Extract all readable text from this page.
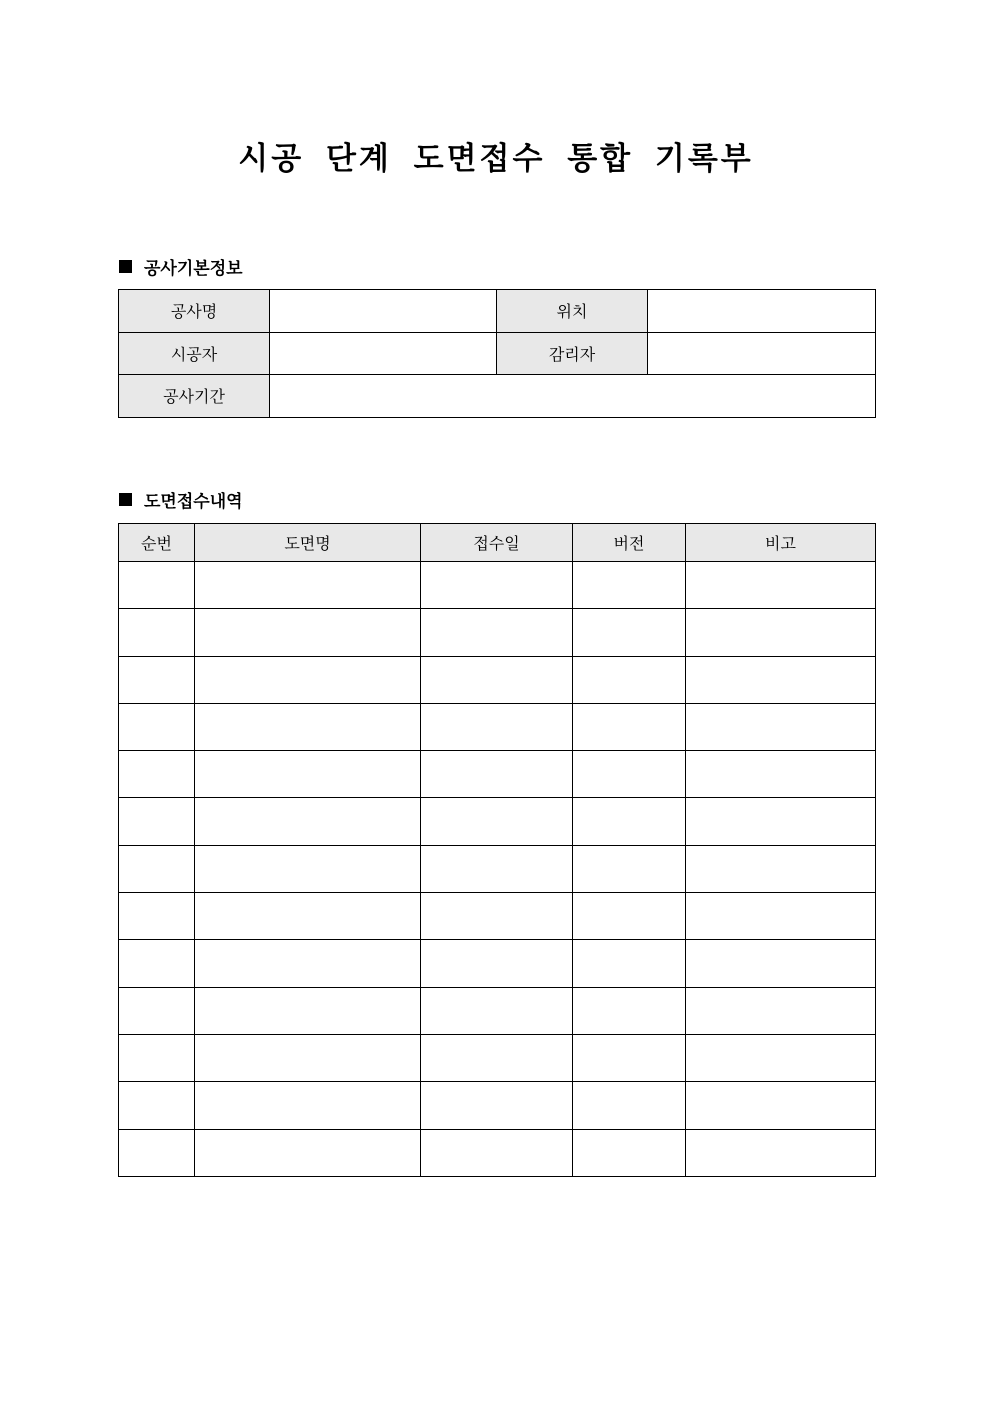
시공 단계 도면접수 통합 기록부
공사기본정보
공사명		위치	
시공자		감리자	
공사기간			
도면접수내역
순번	도면명	접수일	버전	비고
